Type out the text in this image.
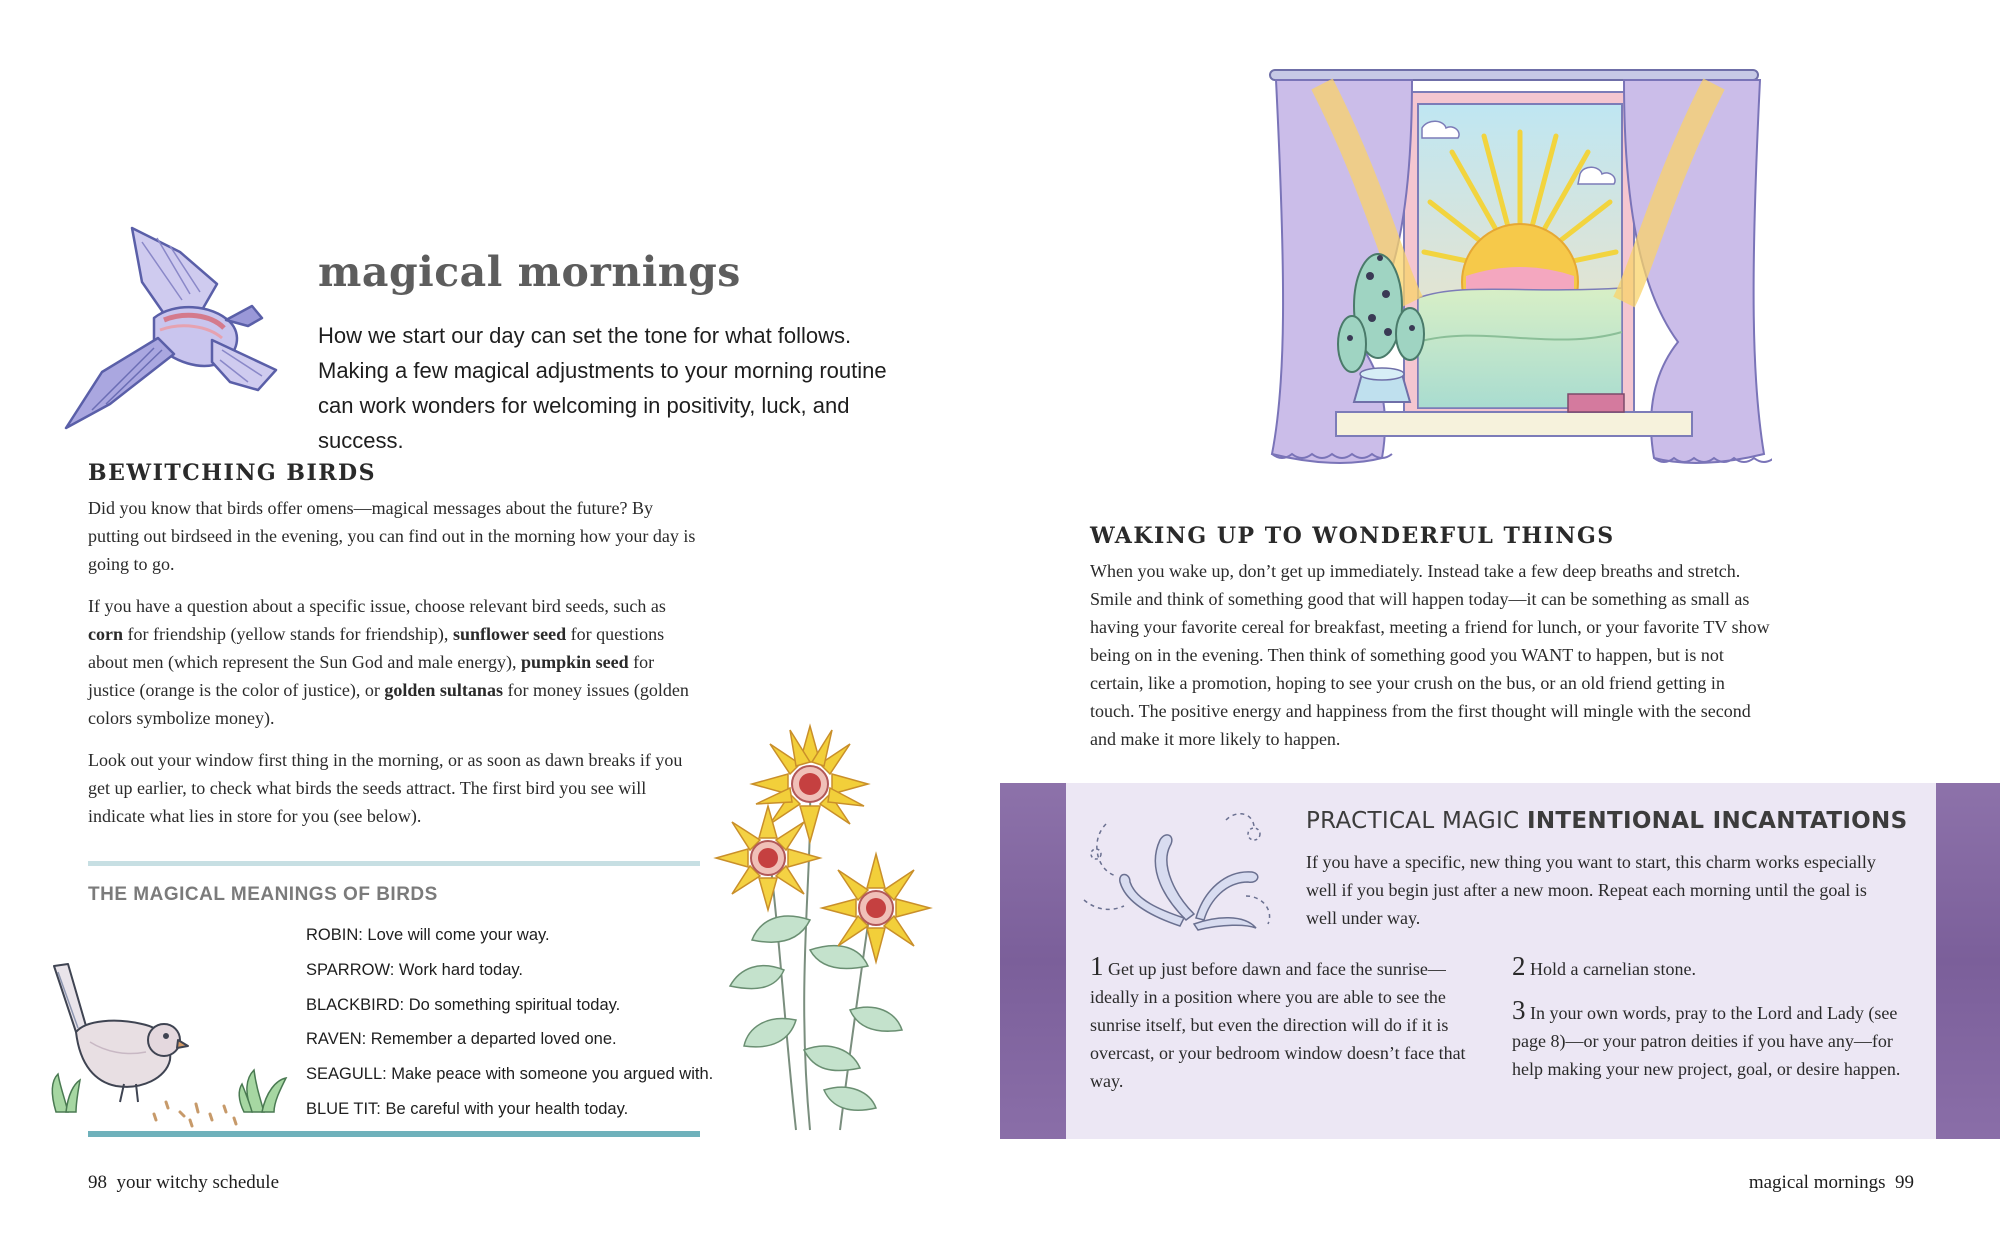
magical mornings

How we start our day can set the tone for what follows. Making a few magical adjustments to your morning routine can work wonders for welcoming in positivity, luck, and success.

BEWITCHING BIRDS

Did you know that birds offer omens—magical messages about the future? By putting out birdseed in the evening, you can find out in the morning how your day is going to go.

If you have a question about a specific issue, choose relevant bird seeds, such as corn for friendship (yellow stands for friendship), sunflower seed for questions about men (which represent the Sun God and male energy), pumpkin seed for justice (orange is the color of justice), or golden sultanas for money issues (golden colors symbolize money).

Look out your window first thing in the morning, or as soon as dawn breaks if you get up earlier, to check what birds the seeds attract. The first bird you see will indicate what lies in store for you (see below).

THE MAGICAL MEANINGS OF BIRDS
ROBIN: Love will come your way.
SPARROW: Work hard today.
BLACKBIRD: Do something spiritual today.
RAVEN: Remember a departed loved one.
SEAGULL: Make peace with someone you argued with.
BLUE TIT: Be careful with your health today.
98  your witchy schedule
WAKING UP TO WONDERFUL THINGS

When you wake up, don’t get up immediately. Instead take a few deep breaths and stretch. Smile and think of something good that will happen today—it can be something as small as having your favorite cereal for breakfast, meeting a friend for lunch, or your favorite TV show being on in the evening. Then think of something good you WANT to happen, but is not certain, like a promotion, hoping to see your crush on the bus, or an old friend getting in touch. The positive energy and happiness from the first thought will mingle with the second and make it more likely to happen.

PRACTICAL MAGIC INTENTIONAL INCANTATIONS

If you have a specific, new thing you want to start, this charm works especially well if you begin just after a new moon. Repeat each morning until the goal is well under way.

1 Get up just before dawn and face the sunrise—ideally in a position where you are able to see the sunrise itself, but even the direction will do if it is overcast, or your bedroom window doesn’t face that way.

2 Hold a carnelian stone.

3 In your own words, pray to the Lord and Lady (see page 8)—or your patron deities if you have any—for help making your new project, goal, or desire happen.

magical mornings  99
